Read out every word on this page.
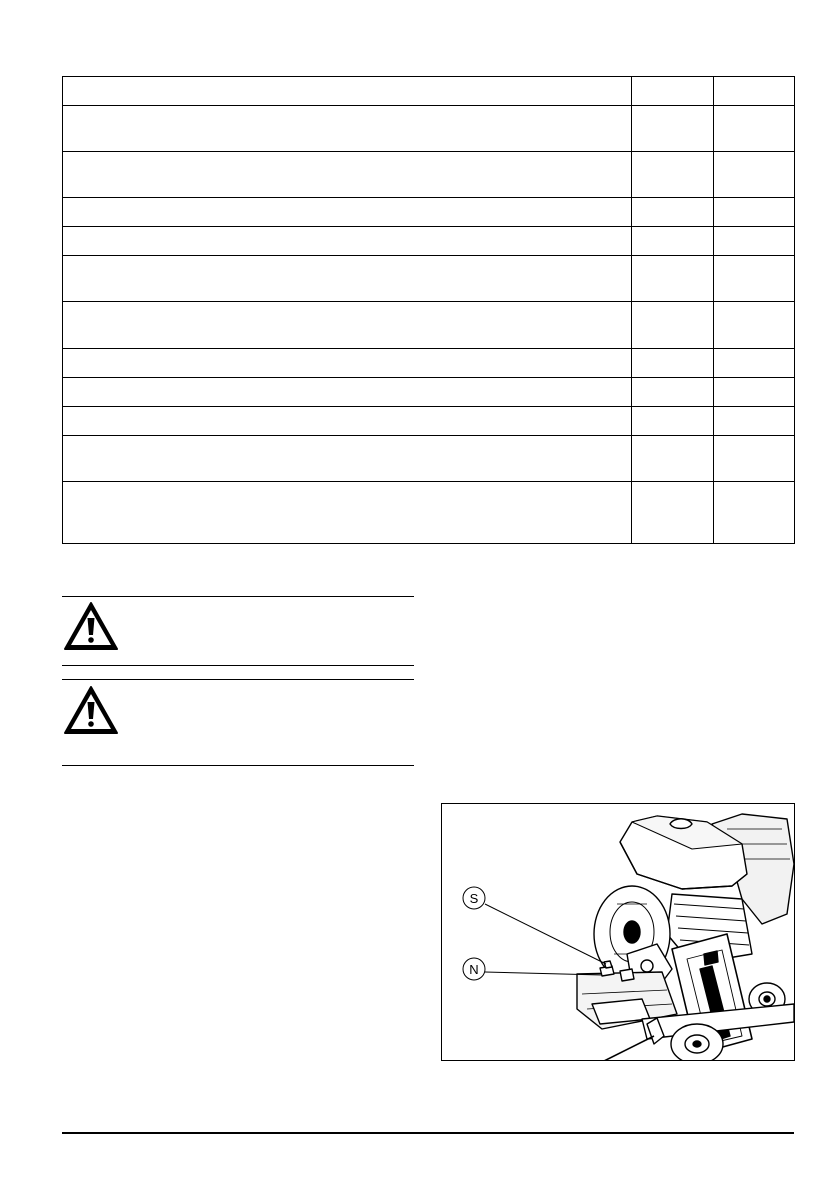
S
N
